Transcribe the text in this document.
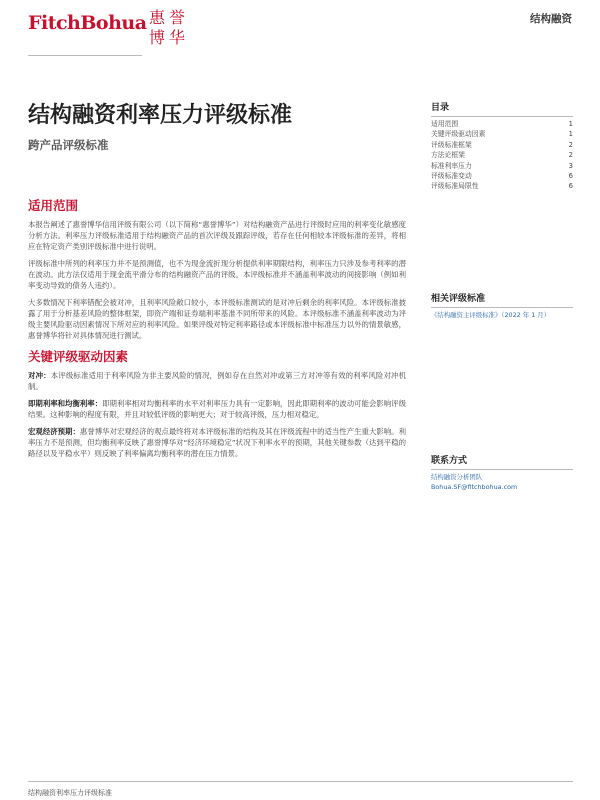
FitchBohua 惠 誉
博 华
结构融资
结构融资利率压力评级标准
跨产品评级标准
适用范围

本报告阐述了惠誉博华信用评级有限公司（以下简称“惠誉博华”）对结构融资产品进行评级时应用的利率变化敏感度分析方法。利率压力评级标准适用于结构融资产品的首次评级及跟踪评级，若存在任何相较本评级标准的差异，将相应在特定资产类别评级标准中进行说明。

评级标准中所列的利率压力并不是预测值，也不为现金流折现分析提供利率期限结构，利率压力只涉及参考利率的潜在波动。此方法仅适用于现金流平滑分布的结构融资产品的评级。本评级标准并不涵盖利率波动的间接影响（例如利率变动导致的债务人违约）。

大多数情况下利率错配会被对冲，且利率风险敞口较小，本评级标准测试的是对冲后剩余的利率风险。本评级标准披露了用于分析基差风险的整体框架，即资产端和证券端利率基准不同所带来的风险。本评级标准不涵盖利率波动为评级主要风险驱动因素情况下所对应的利率风险。如果评级对特定利率路径或本评级标准中标准压力以外的情景敏感，惠誉博华将针对具体情况进行测试。

关键评级驱动因素

对冲：本评级标准适用于利率风险为非主要风险的情况，例如存在自然对冲或第三方对冲等有效的利率风险对冲机制。

即期利率和均衡利率：即期利率相对均衡利率的水平对利率压力具有一定影响，因此即期利率的波动可能会影响评级结果。这种影响的程度有限，并且对较低评级的影响更大；对于较高评级，压力相对稳定。

宏观经济预期：惠誉博华对宏观经济的观点最终将对本评级标准的结构及其在评级流程中的适当性产生重大影响。利率压力不是预测，但均衡利率反映了惠誉博华对“经济环境稳定”状况下利率水平的预期，其他关键参数（达到平稳的路径以及平稳水平）则反映了利率偏离均衡利率的潜在压力情景。

目录
适用范围	1
关键评级驱动因素	1
评级标准框架	2
方法论框架	2
标准利率压力	3
评级标准变动	6
评级标准局限性	6
相关评级标准
《结构融资主评级标准》（2022 年 1 月）
联系方式
结构融资分析团队
Bohua.SF@fitchbohua.com
结构融资利率压力评级标准
